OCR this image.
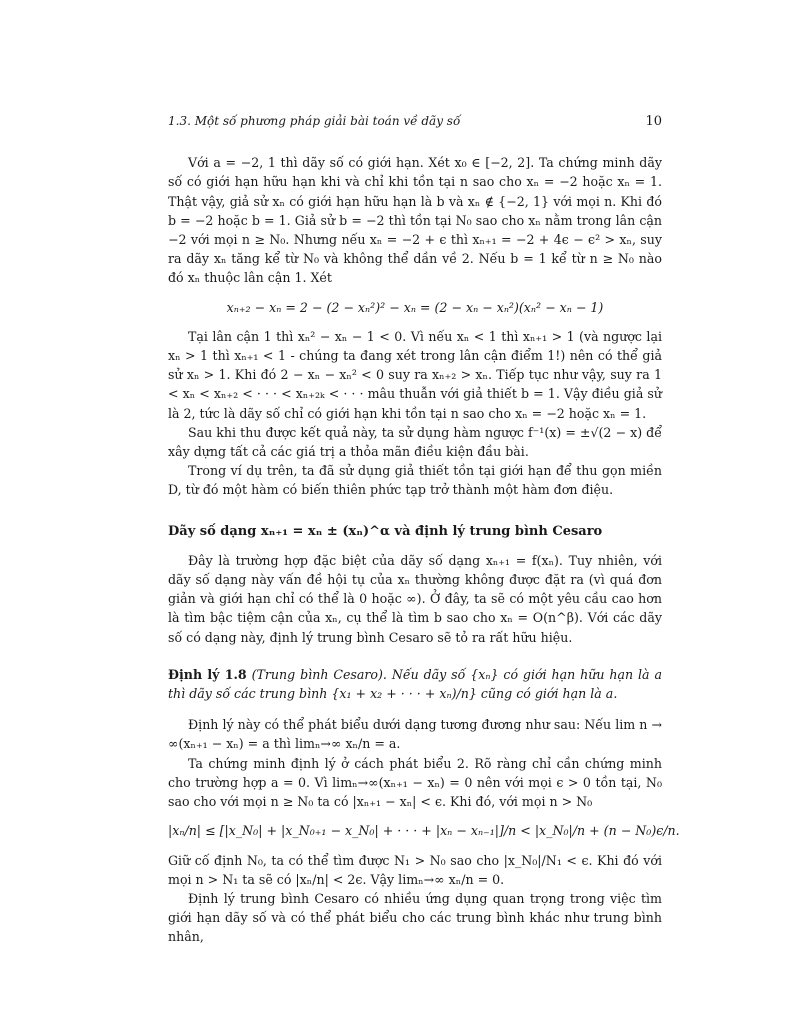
1.3. Một số phương pháp giải bài toán về dãy số	10

Với a = −2, 1 thì dãy số có giới hạn. Xét x₀ ∈ [−2, 2]. Ta chứng minh dãy số có giới hạn hữu hạn khi và chỉ khi tồn tại n sao cho xₙ = −2 hoặc xₙ = 1. Thật vậy, giả sử xₙ có giới hạn hữu hạn là b và xₙ ∉ {−2, 1} với mọi n. Khi đó b = −2 hoặc b = 1. Giả sử b = −2 thì tồn tại N₀ sao cho xₙ nằm trong lân cận −2 với mọi n ≥ N₀. Nhưng nếu xₙ = −2 + ϵ thì xₙ₊₁ = −2 + 4ϵ − ϵ² > xₙ, suy ra dãy xₙ tăng kể từ N₀ và không thể dần về 2. Nếu b = 1 kể từ n ≥ N₀ nào đó xₙ thuộc lân cận 1. Xét

xₙ₊₂ − xₙ = 2 − (2 − xₙ²)² − xₙ = (2 − xₙ − xₙ²)(xₙ² − xₙ − 1)

Tại lân cận 1 thì xₙ² − xₙ − 1 < 0. Vì nếu xₙ < 1 thì xₙ₊₁ > 1 (và ngược lại xₙ > 1 thì xₙ₊₁ < 1 - chúng ta đang xét trong lân cận điểm 1!) nên có thể giả sử xₙ > 1. Khi đó 2 − xₙ − xₙ² < 0 suy ra xₙ₊₂ > xₙ. Tiếp tục như vậy, suy ra 1 < xₙ < xₙ₊₂ < · · · < xₙ₊₂ₖ < · · · mâu thuẫn với giả thiết b = 1. Vậy điều giả sử là 2, tức là dãy số chỉ có giới hạn khi tồn tại n sao cho xₙ = −2 hoặc xₙ = 1.

Sau khi thu được kết quả này, ta sử dụng hàm ngược f⁻¹(x) = ±√(2 − x) để xây dựng tất cả các giá trị a thỏa mãn điều kiện đầu bài.

Trong ví dụ trên, ta đã sử dụng giả thiết tồn tại giới hạn để thu gọn miền D, từ đó một hàm có biến thiên phức tạp trở thành một hàm đơn điệu.

Dãy số dạng xₙ₊₁ = xₙ ± (xₙ)^α và định lý trung bình Cesaro

Đây là trường hợp đặc biệt của dãy số dạng xₙ₊₁ = f(xₙ). Tuy nhiên, với dãy số dạng này vấn đề hội tụ của xₙ thường không được đặt ra (vì quá đơn giản và giới hạn chỉ có thể là 0 hoặc ∞). Ở đây, ta sẽ có một yêu cầu cao hơn là tìm bậc tiệm cận của xₙ, cụ thể là tìm b sao cho xₙ = O(n^β). Với các dãy số có dạng này, định lý trung bình Cesaro sẽ tỏ ra rất hữu hiệu.

Định lý 1.8 (Trung bình Cesaro). Nếu dãy số {xₙ} có giới hạn hữu hạn là a thì dãy số các trung bình {x₁ + x₂ + · · · + xₙ)/n} cũng có giới hạn là a.

Định lý này có thể phát biểu dưới dạng tương đương như sau: Nếu lim n → ∞(xₙ₊₁ − xₙ) = a thì limₙ→∞ xₙ/n = a.

Ta chứng minh định lý ở cách phát biểu 2. Rõ ràng chỉ cần chứng minh cho trường hợp a = 0. Vì limₙ→∞(xₙ₊₁ − xₙ) = 0 nên với mọi ϵ > 0 tồn tại, N₀ sao cho với mọi n ≥ N₀ ta có |xₙ₊₁ − xₙ| < ϵ. Khi đó, với mọi n > N₀

|xₙ/n| ≤ [|x_N₀| + |x_N₀₊₁ − x_N₀| + · · · + |xₙ − xₙ₋₁|]/n < |x_N₀|/n + (n − N₀)ϵ/n.

Giữ cố định N₀, ta có thể tìm được N₁ > N₀ sao cho |x_N₀|/N₁ < ϵ. Khi đó với mọi n > N₁ ta sẽ có |xₙ/n| < 2ϵ. Vậy limₙ→∞ xₙ/n = 0.

Định lý trung bình Cesaro có nhiều ứng dụng quan trọng trong việc tìm giới hạn dãy số và có thể phát biểu cho các trung bình khác như trung bình nhân,
